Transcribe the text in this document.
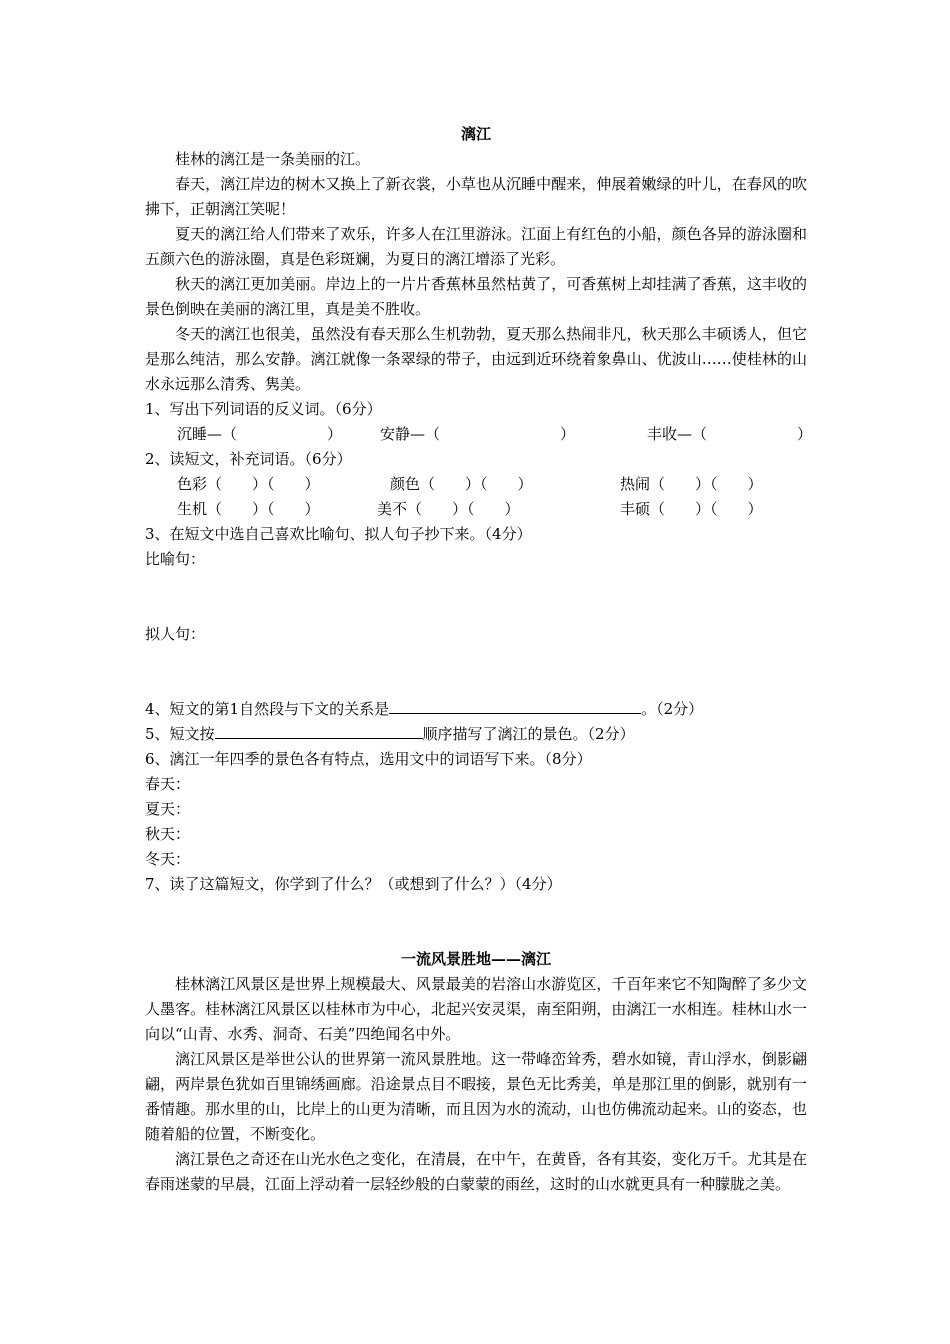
漓江

桂林的漓江是一条美丽的江。

春天，漓江岸边的树木又换上了新衣裳，小草也从沉睡中醒来，伸展着嫩绿的叶儿，在春风的吹拂下，正朝漓江笑呢！

夏天的漓江给人们带来了欢乐，许多人在江里游泳。江面上有红色的小船，颜色各异的游泳圈和五颜六色的游泳圈，真是色彩斑斓，为夏日的漓江增添了光彩。

秋天的漓江更加美丽。岸边上的一片片香蕉林虽然枯黄了，可香蕉树上却挂满了香蕉，这丰收的景色倒映在美丽的漓江里，真是美不胜收。

冬天的漓江也很美，虽然没有春天那么生机勃勃，夏天那么热闹非凡，秋天那么丰硕诱人，但它是那么纯洁，那么安静。漓江就像一条翠绿的带子，由远到近环绕着象鼻山、优波山……使桂林的山水永远那么清秀、隽美。

1、写出下列词语的反义词。（6分）
沉睡—（　　　　　　）	安静—（　　　　　　　　）	丰收—（　　　　　　）
2、读短文，补充词语。（6分）
色彩（　　）（　　）	颜色（　　）（　　）	热闹（　　）（　　）
生机（　　）（　　）	美不（　　）（　　）	丰硕（　　）（　　）
3、在短文中选自己喜欢比喻句、拟人句子抄下来。（4分）
比喻句：
拟人句：
4、短文的第1自然段与下文的关系是	。（2分）
5、短文按	顺序描写了漓江的景色。（2分）
6、漓江一年四季的景色各有特点，选用文中的词语写下来。（8分）
春天：
夏天：
秋天：
冬天：
7、读了这篇短文，你学到了什么？（或想到了什么？）（4分）
一流风景胜地——漓江

桂林漓江风景区是世界上规模最大、风景最美的岩溶山水游览区，千百年来它不知陶醉了多少文人墨客。桂林漓江风景区以桂林市为中心，北起兴安灵渠，南至阳朔，由漓江一水相连。桂林山水一向以“山青、水秀、洞奇、石美”四绝闻名中外。

漓江风景区是举世公认的世界第一流风景胜地。这一带峰峦耸秀，碧水如镜，青山浮水，倒影翩翩，两岸景色犹如百里锦绣画廊。沿途景点目不暇接，景色无比秀美，单是那江里的倒影，就别有一番情趣。那水里的山，比岸上的山更为清晰，而且因为水的流动，山也仿佛流动起来。山的姿态，也随着船的位置，不断变化。

漓江景色之奇还在山光水色之变化，在清晨，在中午，在黄昏，各有其姿，变化万千。尤其是在春雨迷蒙的早晨，江面上浮动着一层轻纱般的白蒙蒙的雨丝，这时的山水就更具有一种朦胧之美。
